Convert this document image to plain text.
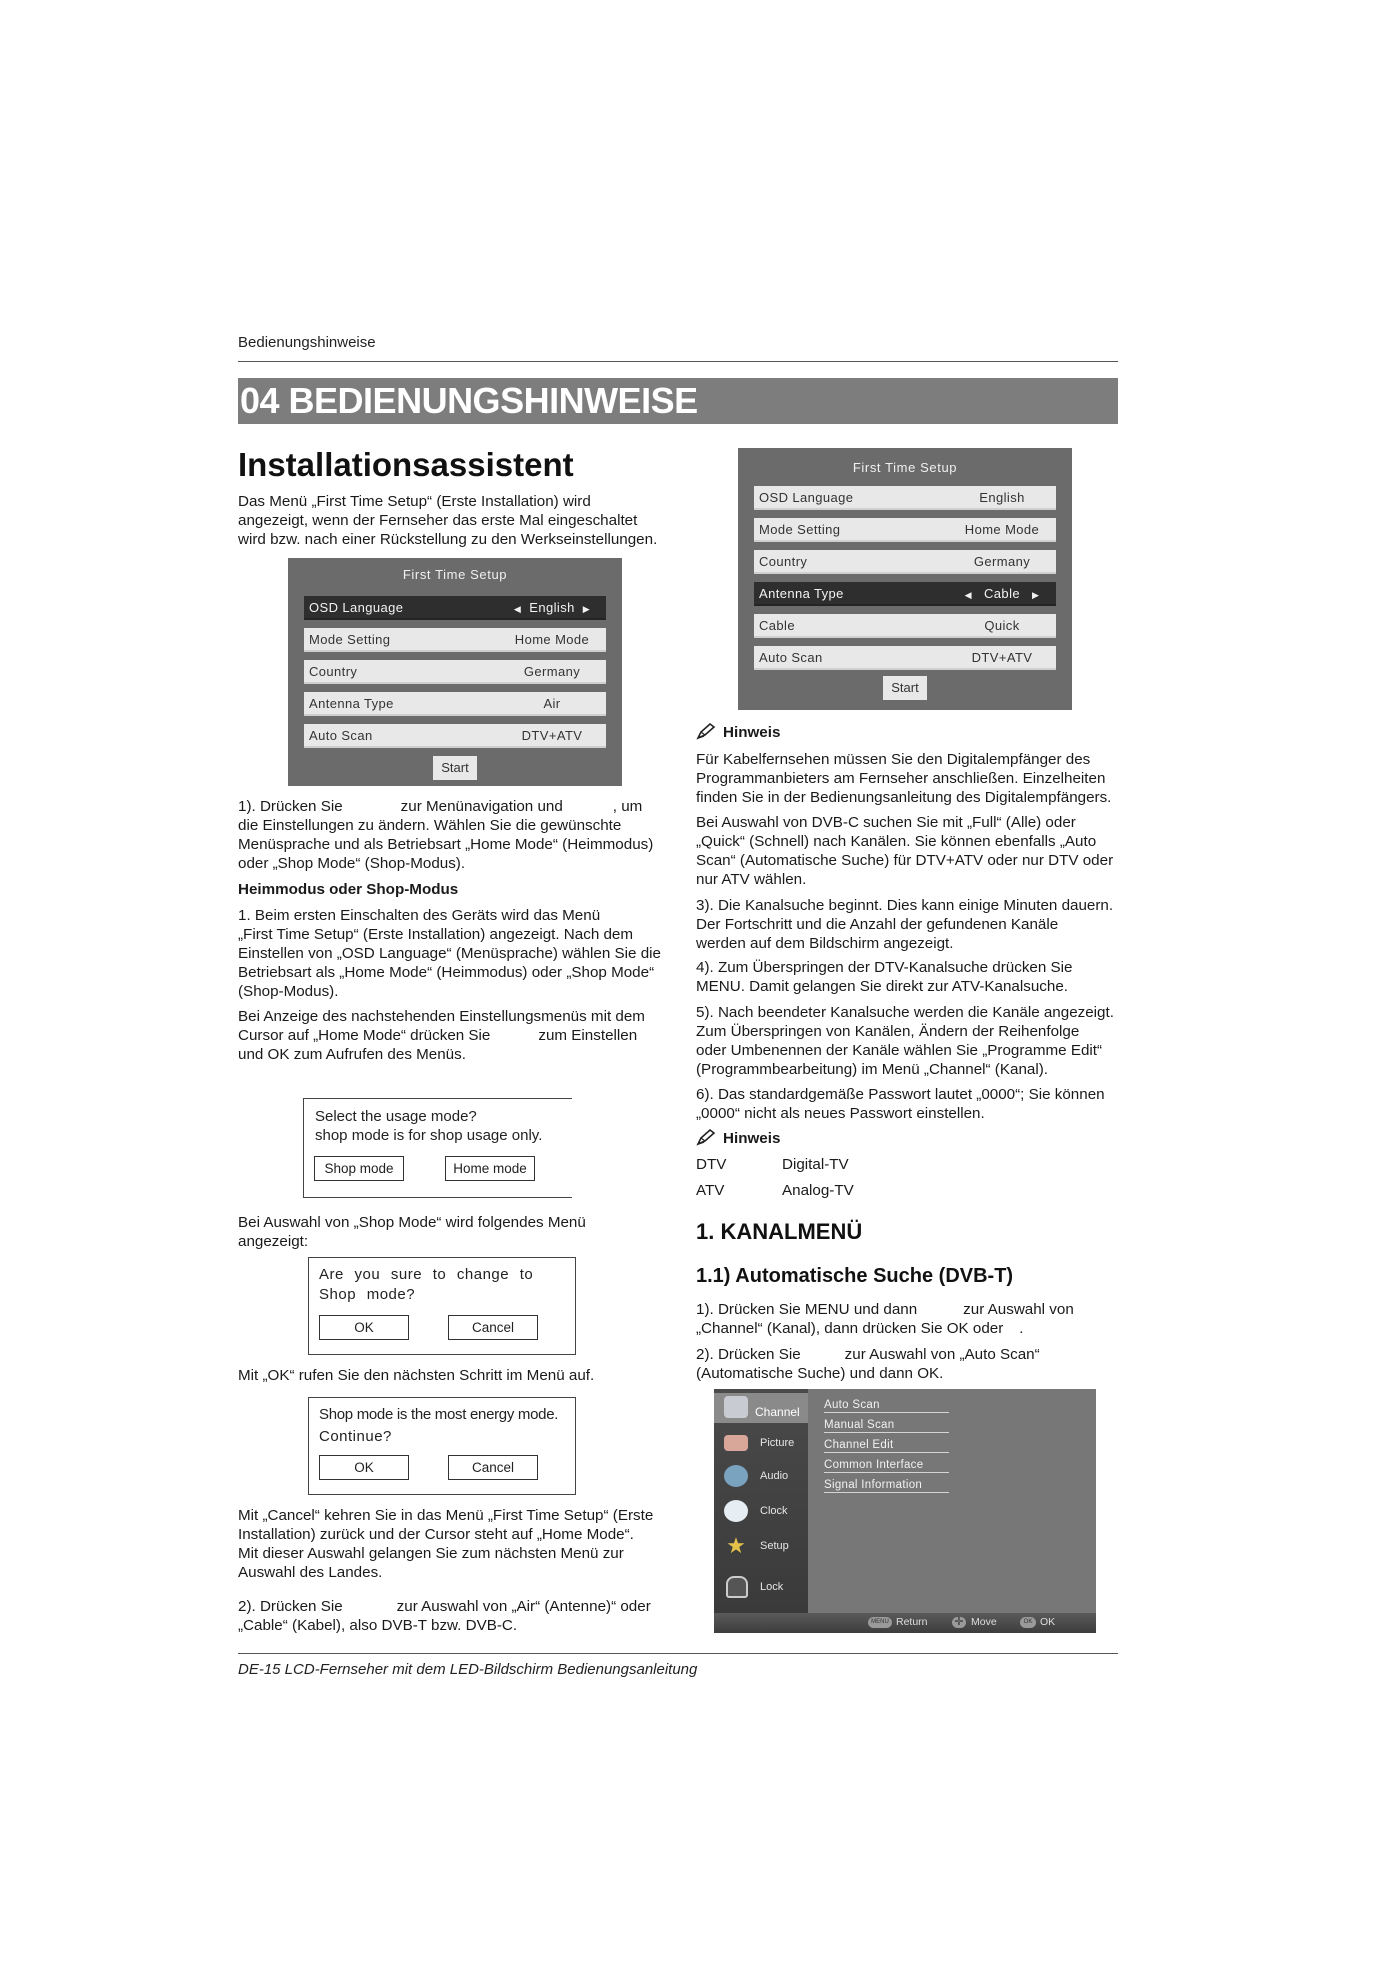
Bedienungshinweise
04 BEDIENUNGSHINWEISE
Installationsassistent
Das Menü „First Time Setup“ (Erste Installation) wird
angezeigt, wenn der Fernseher das erste Mal eingeschaltet
wird bzw. nach einer Rückstellung zu den Werkseinstellungen.
First Time Setup
OSD Language	◀ English ▶
Mode Setting	Home Mode
Country	Germany
Antenna Type	Air
Auto Scan	DTV+ATV
Start
1). Drücken Sie	zur Menünavigation und	, um
die Einstellungen zu ändern. Wählen Sie die gewünschte
Menüsprache und als Betriebsart „Home Mode“ (Heimmodus)
oder „Shop Mode“ (Shop-Modus).
Heimmodus oder Shop-Modus
1. Beim ersten Einschalten des Geräts wird das Menü
„First Time Setup“ (Erste Installation) angezeigt. Nach dem
Einstellen von „OSD Language“ (Menüsprache) wählen Sie die
Betriebsart als „Home Mode“ (Heimmodus) oder „Shop Mode“
(Shop-Modus).
Bei Anzeige des nachstehenden Einstellungsmenüs mit dem
Cursor auf „Home Mode“ drücken Sie	zum Einstellen
und OK zum Aufrufen des Menüs.
Select the usage mode?
shop mode is for shop usage only.
Shop mode	Home mode
Bei Auswahl von „Shop Mode“ wird folgendes Menü
angezeigt:
Are you sure to change to
Shop mode?
OK	Cancel
Mit „OK“ rufen Sie den nächsten Schritt im Menü auf.
Shop mode is the most energy mode.
Continue?
OK	Cancel
Mit „Cancel“ kehren Sie in das Menü „First Time Setup“ (Erste
Installation) zurück und der Cursor steht auf „Home Mode“.
Mit dieser Auswahl gelangen Sie zum nächsten Menü zur
Auswahl des Landes.
2). Drücken Sie	zur Auswahl von „Air“ (Antenne)“ oder
„Cable“ (Kabel), also DVB-T bzw. DVB-C.
First Time Setup
OSD Language	English
Mode Setting	Home Mode
Country	Germany
Antenna Type	◀ Cable ▶
Cable	Quick
Auto Scan	DTV+ATV
Start
Hinweis
Für Kabelfernsehen müssen Sie den Digitalempfänger des
Programmanbieters am Fernseher anschließen. Einzelheiten
finden Sie in der Bedienungsanleitung des Digitalempfängers.
Bei Auswahl von DVB-C suchen Sie mit „Full“ (Alle) oder
„Quick“ (Schnell) nach Kanälen. Sie können ebenfalls „Auto
Scan“ (Automatische Suche) für DTV+ATV oder nur DTV oder
nur ATV wählen.
3). Die Kanalsuche beginnt. Dies kann einige Minuten dauern.
Der Fortschritt und die Anzahl der gefundenen Kanäle
werden auf dem Bildschirm angezeigt.
4). Zum Überspringen der DTV-Kanalsuche drücken Sie
MENU. Damit gelangen Sie direkt zur ATV-Kanalsuche.
5). Nach beendeter Kanalsuche werden die Kanäle angezeigt.
Zum Überspringen von Kanälen, Ändern der Reihenfolge
oder Umbenennen der Kanäle wählen Sie „Programme Edit“
(Programmbearbeitung) im Menü „Channel“ (Kanal).
6). Das standardgemäße Passwort lautet „0000“; Sie können
„0000“ nicht als neues Passwort einstellen.
Hinweis
DTV	Digital-TV
ATV	Analog-TV
1. KANALMENÜ
1.1) Automatische Suche (DVB-T)
1). Drücken Sie MENU und dann	zur Auswahl von
„Channel“ (Kanal), dann drücken Sie OK oder .
2). Drücken Sie	zur Auswahl von „Auto Scan“
(Automatische Suche) und dann OK.
Channel
Picture
Audio
Clock
★ Setup
Lock
Auto Scan
Manual Scan
Channel Edit
Common Interface
Signal Information
MENU Return ✛ Move	OK OK
DE-15 LCD-Fernseher mit dem LED-Bildschirm Bedienungsanleitung
